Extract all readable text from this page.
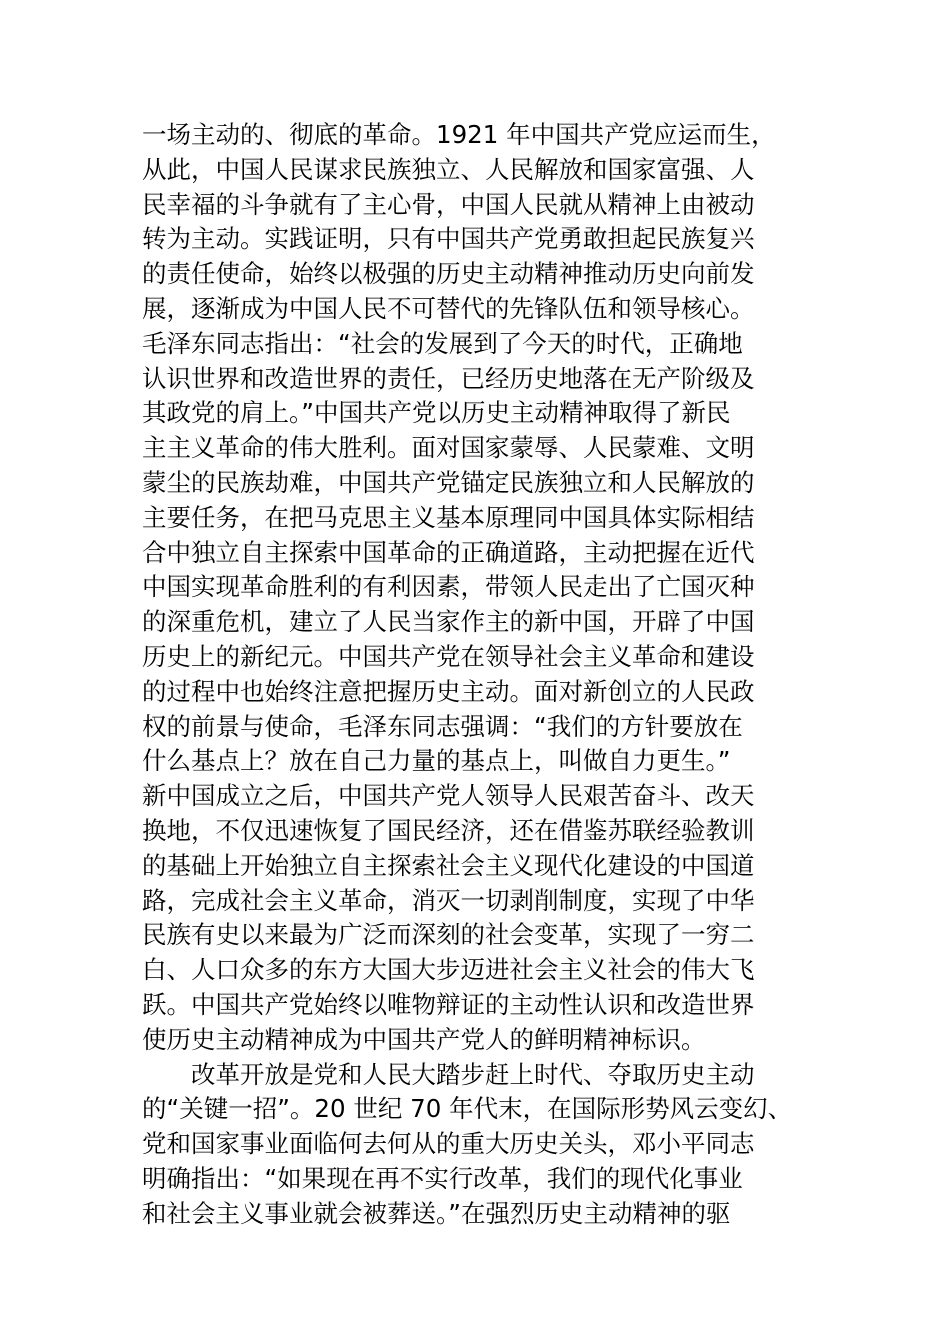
一场主动的、彻底的革命。1921 年中国共产党应运而生，
从此，中国人民谋求民族独立、人民解放和国家富强、人
民幸福的斗争就有了主心骨，中国人民就从精神上由被动
转为主动。实践证明，只有中国共产党勇敢担起民族复兴
的责任使命，始终以极强的历史主动精神推动历史向前发
展，逐渐成为中国人民不可替代的先锋队伍和领导核心。
毛泽东同志指出：“社会的发展到了今天的时代，正确地
认识世界和改造世界的责任，已经历史地落在无产阶级及
其政党的肩上。”中国共产党以历史主动精神取得了新民
主主义革命的伟大胜利。面对国家蒙辱、人民蒙难、文明
蒙尘的民族劫难，中国共产党锚定民族独立和人民解放的
主要任务，在把马克思主义基本原理同中国具体实际相结
合中独立自主探索中国革命的正确道路，主动把握在近代
中国实现革命胜利的有利因素，带领人民走出了亡国灭种
的深重危机，建立了人民当家作主的新中国，开辟了中国
历史上的新纪元。中国共产党在领导社会主义革命和建设
的过程中也始终注意把握历史主动。面对新创立的人民政
权的前景与使命，毛泽东同志强调：“我们的方针要放在
什么基点上？放在自己力量的基点上，叫做自力更生。”
新中国成立之后，中国共产党人领导人民艰苦奋斗、改天
换地，不仅迅速恢复了国民经济，还在借鉴苏联经验教训
的基础上开始独立自主探索社会主义现代化建设的中国道
路，完成社会主义革命，消灭一切剥削制度，实现了中华
民族有史以来最为广泛而深刻的社会变革，实现了一穷二
白、人口众多的东方大国大步迈进社会主义社会的伟大飞
跃。中国共产党始终以唯物辩证的主动性认识和改造世界
使历史主动精神成为中国共产党人的鲜明精神标识。
改革开放是党和人民大踏步赶上时代、夺取历史主动
的“关键一招”。20 世纪 70 年代末，在国际形势风云变幻、
党和国家事业面临何去何从的重大历史关头，邓小平同志
明确指出：“如果现在再不实行改革，我们的现代化事业
和社会主义事业就会被葬送。”在强烈历史主动精神的驱
